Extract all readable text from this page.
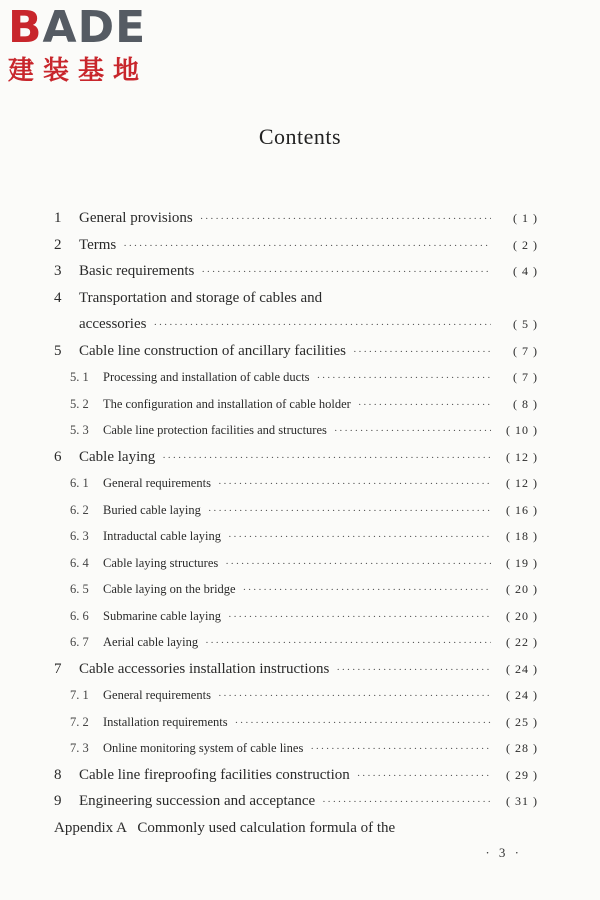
BADE
建装基地
Contents
1	General provisions ·····	( 1 )
2	Terms ·····	( 2 )
3	Basic requirements ·····	( 4 )
4	Transportation and storage of cables and
accessories ·····	( 5 )
5	Cable line construction of ancillary facilities ·····	( 7 )
5. 1	Processing and installation of cable ducts ·····	( 7 )
5. 2	The configuration and installation of cable holder ·····	( 8 )
5. 3	Cable line protection facilities and structures ·····	( 10 )
6	Cable laying ·····	( 12 )
6. 1	General requirements ·····	( 12 )
6. 2	Buried cable laying ·····	( 16 )
6. 3	Intraductal cable laying ·····	( 18 )
6. 4	Cable laying structures ·····	( 19 )
6. 5	Cable laying on the bridge ·····	( 20 )
6. 6	Submarine cable laying ·····	( 20 )
6. 7	Aerial cable laying ·····	( 22 )
7	Cable accessories installation instructions ·····	( 24 )
7. 1	General requirements ·····	( 24 )
7. 2	Installation requirements ·····	( 25 )
7. 3	Online monitoring system of cable lines ·····	( 28 )
8	Cable line fireproofing facilities construction ·····	( 29 )
9	Engineering succession and acceptance ·····	( 31 )
Appendix A   Commonly used calculation formula of the
· 3 ·
